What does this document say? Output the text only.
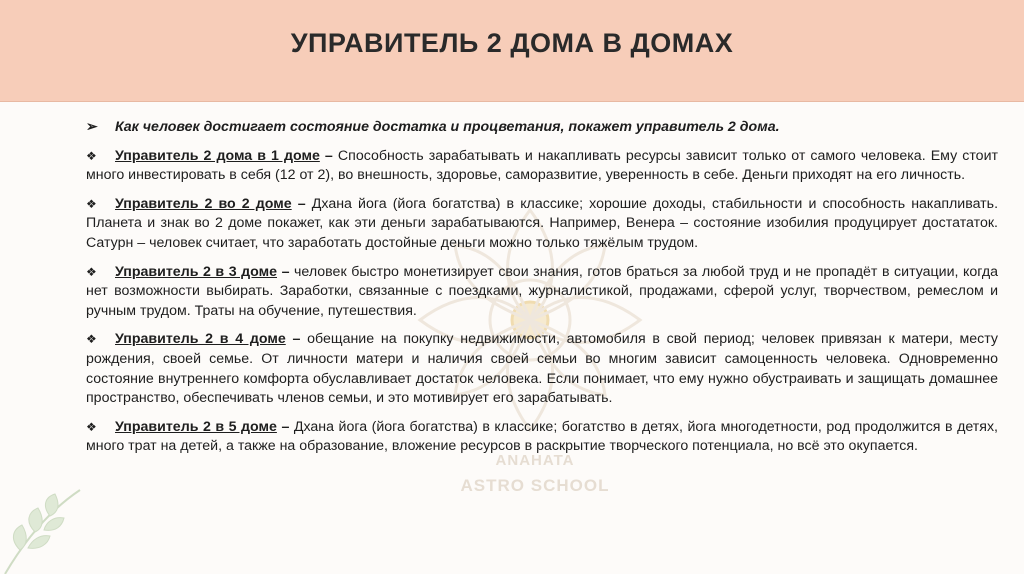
УПРАВИТЕЛЬ 2 ДОМА В ДОМАХ
ANAHATA
ASTRO SCHOOL
➢ Как человек достигает состояние достатка и процветания, покажет управитель 2 дома.
❖ Управитель 2 дома в 1 доме – Способность зарабатывать и накапливать ресурсы зависит только от самого человека. Ему стоит много инвестировать в себя (12 от 2), во внешность, здоровье, саморазвитие, уверенность в себе. Деньги приходят на его личность.
❖ Управитель 2 во 2 доме – Дхана йога (йога богатства) в классике; хорошие доходы, стабильности и способность накапливать. Планета и знак во 2 доме покажет, как эти деньги зарабатываются. Например, Венера – состояние изобилия продуцирует достататок. Сатурн – человек считает, что заработать достойные деньги можно только тяжёлым трудом.
❖ Управитель 2 в 3 доме – человек быстро монетизирует свои знания, готов браться за любой труд и не пропадёт в ситуации, когда нет возможности выбирать. Заработки, связанные с поездками, журналистикой, продажами, сферой услуг, творчеством, ремеслом и ручным трудом. Траты на обучение, путешествия.
❖ Управитель 2 в 4 доме – обещание на покупку недвижимости, автомобиля в свой период; человек привязан к матери, месту рождения, своей семье. От личности матери и наличия своей семьи во многим зависит самоценность человека. Одновременно состояние внутреннего комфорта обуславливает достаток человека. Если понимает, что ему нужно обустраивать и защищать домашнее пространство, обеспечивать членов семьи, и это мотивирует его зарабатывать.
❖ Управитель 2 в 5 доме – Дхана йога (йога богатства) в классике; богатство в детях, йога многодетности, род продолжится в детях, много трат на детей, а также на образование, вложение ресурсов в раскрытие творческого потенциала, но всё это окупается.
